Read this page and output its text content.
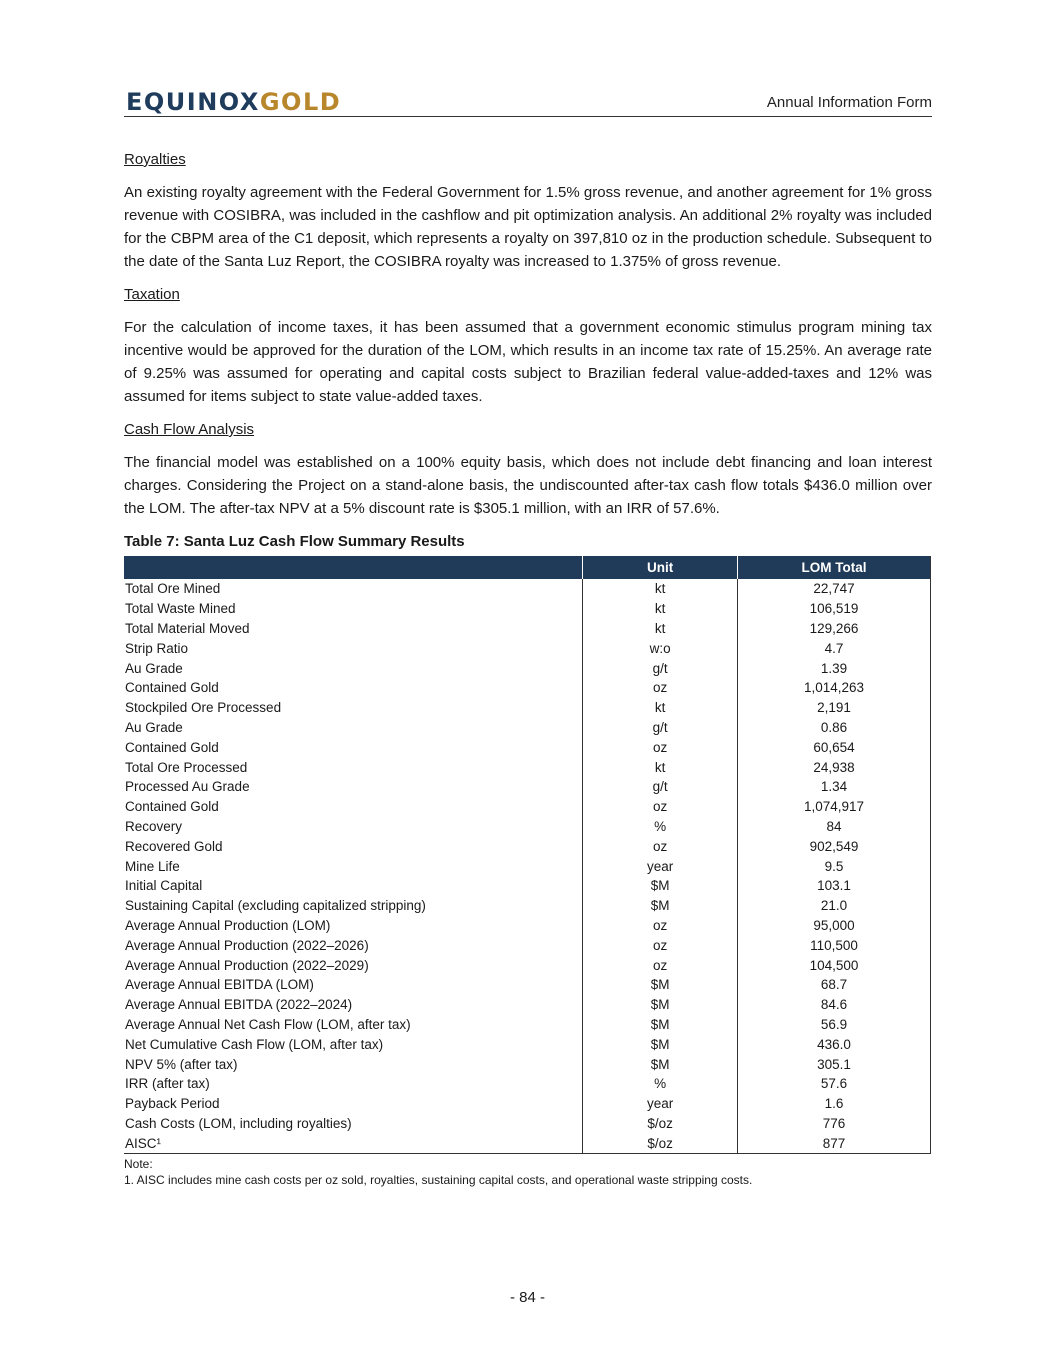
EQUINOXGOLD	Annual Information Form
Royalties

An existing royalty agreement with the Federal Government for 1.5% gross revenue, and another agreement for 1% gross revenue with COSIBRA, was included in the cashflow and pit optimization analysis. An additional 2% royalty was included for the CBPM area of the C1 deposit, which represents a royalty on 397,810 oz in the production schedule. Subsequent to the date of the Santa Luz Report, the COSIBRA royalty was increased to 1.375% of gross revenue.

Taxation

For the calculation of income taxes, it has been assumed that a government economic stimulus program mining tax incentive would be approved for the duration of the LOM, which results in an income tax rate of 15.25%. An average rate of 9.25% was assumed for operating and capital costs subject to Brazilian federal value-added-taxes and 12% was assumed for items subject to state value-added taxes.

Cash Flow Analysis

The financial model was established on a 100% equity basis, which does not include debt financing and loan interest charges. Considering the Project on a stand-alone basis, the undiscounted after-tax cash flow totals $436.0 million over the LOM. The after-tax NPV at a 5% discount rate is $305.1 million, with an IRR of 57.6%.

Table 7: Santa Luz Cash Flow Summary Results
	Unit	LOM Total
Total Ore Mined	kt	22,747
Total Waste Mined	kt	106,519
Total Material Moved	kt	129,266
Strip Ratio	w:o	4.7
Au Grade	g/t	1.39
Contained Gold	oz	1,014,263
Stockpiled Ore Processed	kt	2,191
Au Grade	g/t	0.86
Contained Gold	oz	60,654
Total Ore Processed	kt	24,938
Processed Au Grade	g/t	1.34
Contained Gold	oz	1,074,917
Recovery	%	84
Recovered Gold	oz	902,549
Mine Life	year	9.5
Initial Capital	$M	103.1
Sustaining Capital (excluding capitalized stripping)	$M	21.0
Average Annual Production (LOM)	oz	95,000
Average Annual Production (2022–2026)	oz	110,500
Average Annual Production (2022–2029)	oz	104,500
Average Annual EBITDA (LOM)	$M	68.7
Average Annual EBITDA (2022–2024)	$M	84.6
Average Annual Net Cash Flow (LOM, after tax)	$M	56.9
Net Cumulative Cash Flow (LOM, after tax)	$M	436.0
NPV 5% (after tax)	$M	305.1
IRR (after tax)	%	57.6
Payback Period	year	1.6
Cash Costs (LOM, including royalties)	$/oz	776
AISC¹	$/oz	877
Note:
1. AISC includes mine cash costs per oz sold, royalties, sustaining capital costs, and operational waste stripping costs.
- 84 -
